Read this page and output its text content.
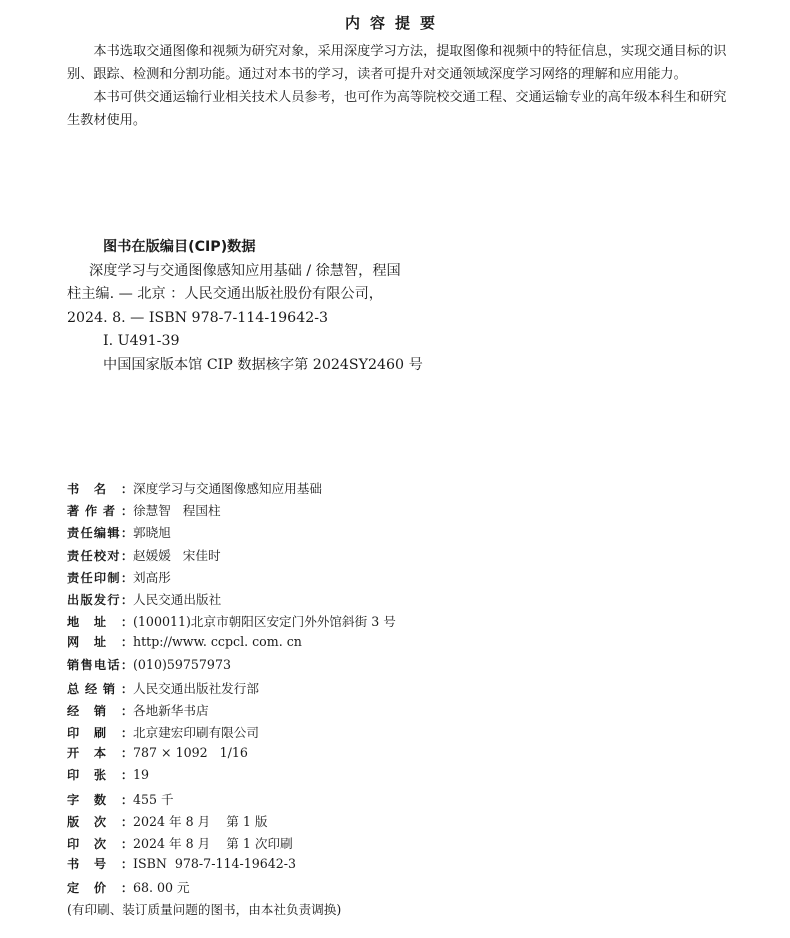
内容提要

本书选取交通图像和视频为研究对象，采用深度学习方法，提取图像和视频中的特征信息，实现交通目标的识别、跟踪、检测和分割功能。通过对本书的学习，读者可提升对交通领域深度学习网络的理解和应用能力。

本书可供交通运输行业相关技术人员参考，也可作为高等院校交通工程、交通运输专业的高年级本科生和研究生教材使用。

图书在版编目(CIP)数据
深度学习与交通图像感知应用基础 / 徐慧智，程国
柱主编. — 北京 ：人民交通出版社股份有限公司，
2024. 8. — ISBN 978-7-114-19642-3
Ⅰ. U491-39
中国国家版本馆 CIP 数据核字第 2024SY2460 号
书 名 ： 深度学习与交通图像感知应用基础
著 作 者 ： 徐慧智   程国柱
责 任 编 辑 ： 郭晓旭
责 任 校 对 ： 赵媛媛   宋佳时
责 任 印 制 ： 刘高彤
出 版 发 行 ： 人民交通出版社
地 址 ： (100011)北京市朝阳区安定门外外馆斜街 3 号
网 址 ： http://www. ccpcl. com. cn
销 售 电 话 ： (010)59757973
总 经 销 ： 人民交通出版社发行部
经 销 ： 各地新华书店
印 刷 ： 北京建宏印刷有限公司
开 本 ： 787 × 1092   1/16
印 张 ： 19
字 数 ： 455 千
版 次 ： 2024 年 8 月    第 1 版
印 次 ： 2024 年 8 月    第 1 次印刷
书 号 ： ISBN  978-7-114-19642-3
定 价 ： 68. 00 元
(有印刷、装订质量问题的图书，由本社负责调换)
